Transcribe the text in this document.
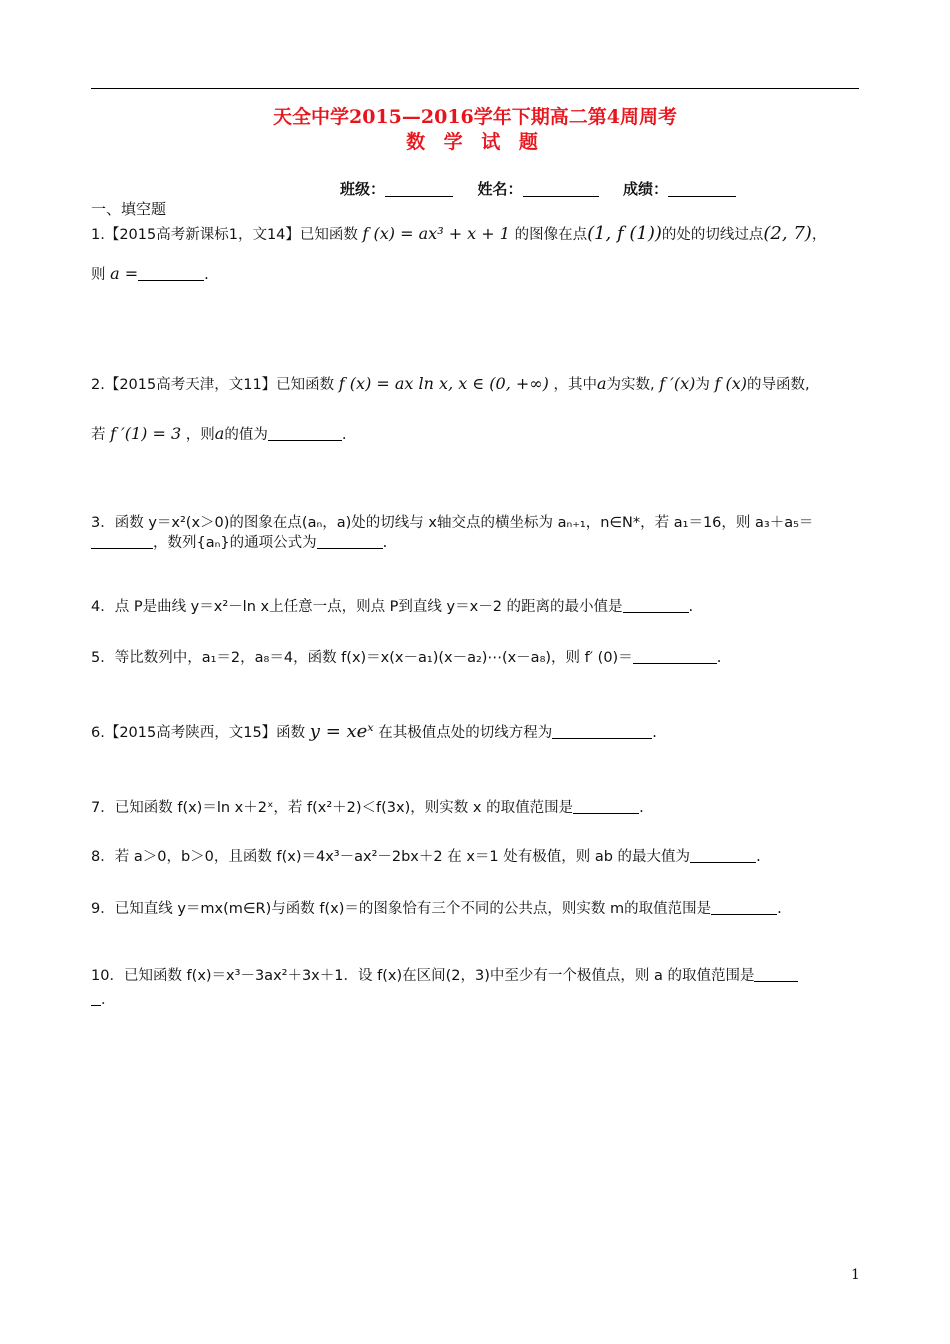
天全中学2015—2016学年下期高二第4周周考
数 学 试 题
班级：	姓名：	成绩：
一、填空题
1.【2015高考新课标1，文14】已知函数 f (x) = ax³ + x + 1 的图像在点(1, f (1))的处的切线过点(2, 7)，
则 a =	.
2.【2015高考天津，文11】已知函数 f (x) = ax ln x, x ∈ (0, +∞) ，其中a为实数, f ′(x)为 f (x)的导函数,
若 f ′(1) = 3 ，则a的值为	.
3．函数 y＝x²(x＞0)的图象在点(aₙ，a)处的切线与 x轴交点的横坐标为 aₙ₊₁，n∈N*，若 a₁＝16，则 a₃＋a₅＝
，数列{aₙ}的通项公式为	.
4．点 P是曲线 y＝x²－ln x上任意一点，则点 P到直线 y＝x－2 的距离的最小值是	.
5．等比数列中，a₁＝2，a₈＝4，函数 f(x)＝x(x－a₁)(x－a₂)⋯(x－a₈)，则 f′ (0)＝	.
6.【2015高考陕西，文15】函数 y = xeˣ 在其极值点处的切线方程为	.
7．已知函数 f(x)＝ln x＋2ˣ，若 f(x²＋2)＜f(3x)，则实数 x 的取值范围是	.
8．若 a＞0，b＞0，且函数 f(x)＝4x³－ax²－2bx＋2 在 x＝1 处有极值，则 ab 的最大值为	.
9．已知直线 y＝mx(m∈R)与函数 f(x)＝的图象恰有三个不同的公共点，则实数 m的取值范围是	.
10．已知函数 f(x)＝x³－3ax²＋3x＋1．设 f(x)在区间(2，3)中至少有一个极值点，则 a 的取值范围是
．
1
